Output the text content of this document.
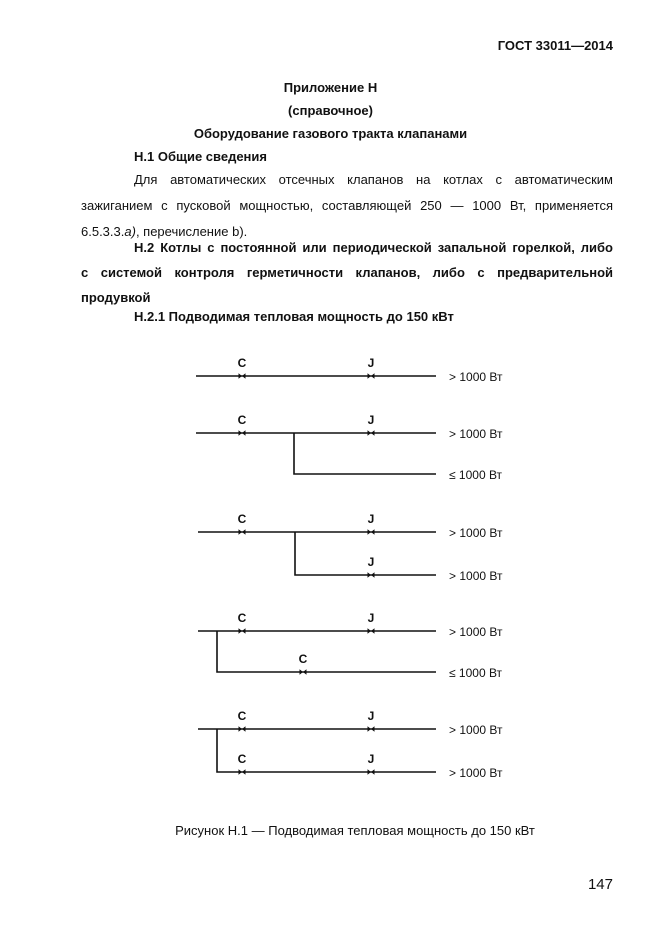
ГОСТ 33011—2014
Приложение Н
(справочное)
Оборудование газового тракта клапанами
Н.1 Общие сведения
Для автоматических отсечных клапанов на котлах с автоматическим
зажиганием с пусковой мощностью, составляющей 250 — 1000 Вт, применяется
6.5.3.3.а), перечисление b).
Н.2 Котлы с постоянной или периодической запальной горелкой, либо
с системой контроля герметичности клапанов, либо с предварительной
продувкой
Н.2.1 Подводимая тепловая мощность до 150 кВт
C	J
C	J
C	J
J
C	J
C
C	J
C	J
> 1000 Вт
> 1000 Вт
≤ 1000 Вт
> 1000 Вт
> 1000 Вт
> 1000 Вт
≤ 1000 Вт
> 1000 Вт
> 1000 Вт
Рисунок Н.1 — Подводимая тепловая мощность до 150 кВт
147
